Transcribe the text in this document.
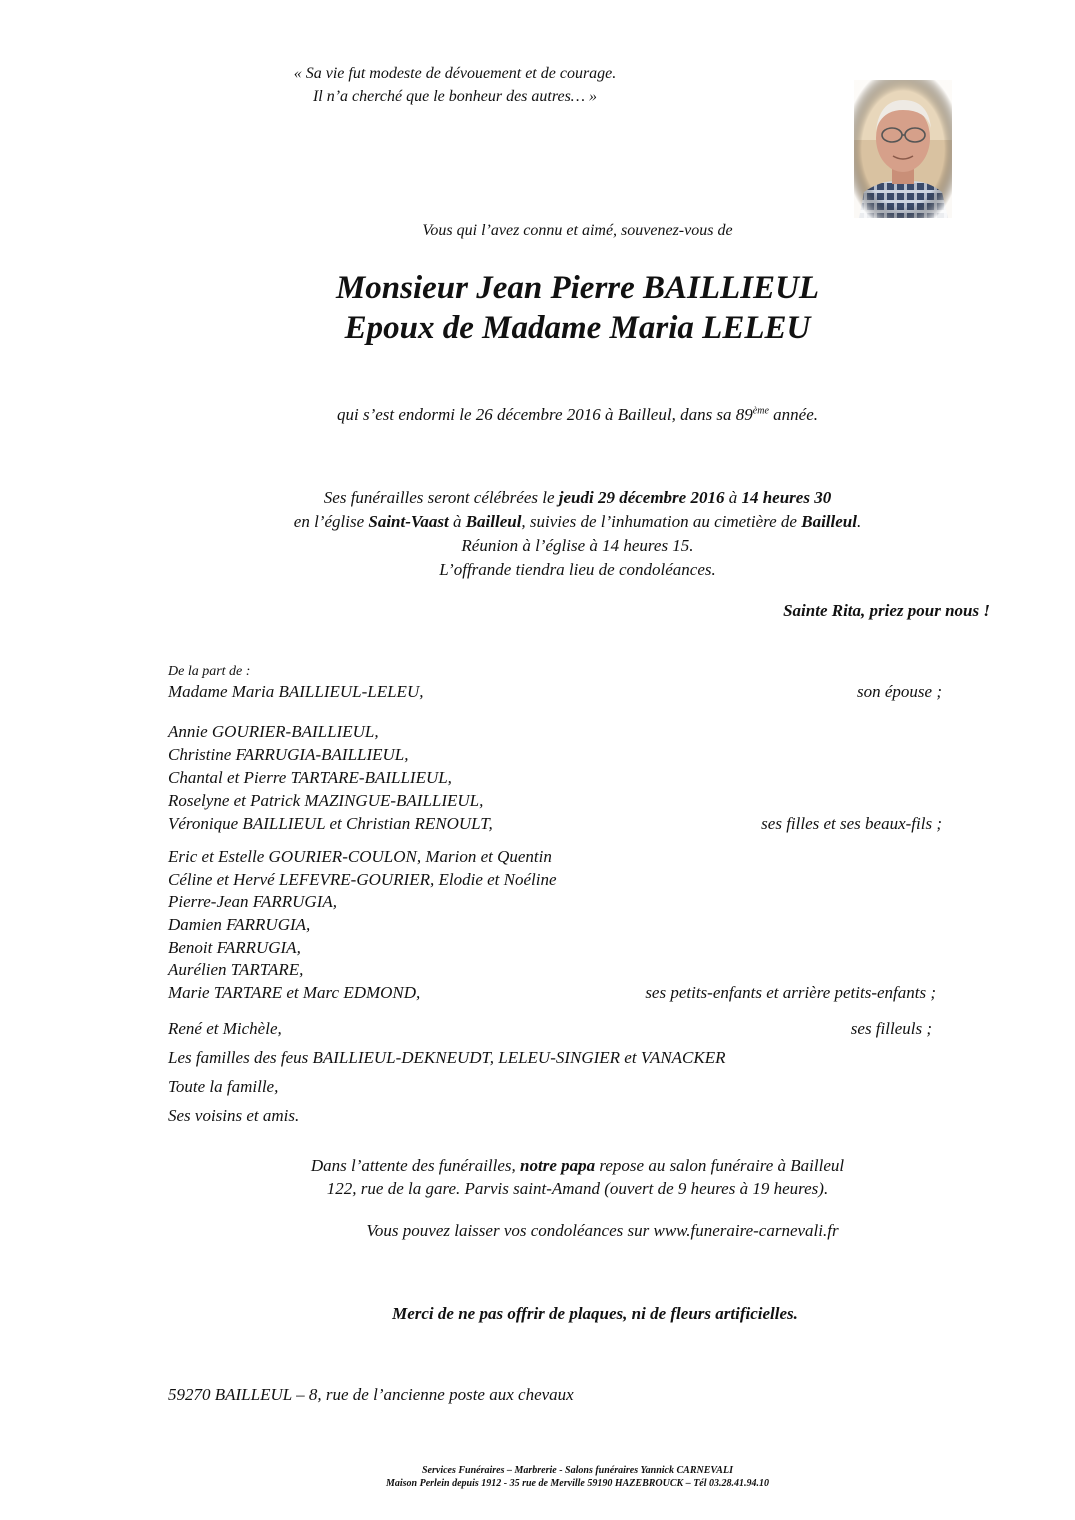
« Sa vie fut modeste de dévouement et de courage.
Il n’a cherché que le bonheur des autres… »
Vous qui l’avez connu et aimé, souvenez-vous de
Monsieur Jean Pierre BAILLIEUL
Epoux de Madame Maria LELEU
qui s’est endormi le 26 décembre 2016 à Bailleul, dans sa 89ème année.
Ses funérailles seront célébrées le jeudi 29 décembre 2016 à 14 heures 30
en l’église Saint-Vaast à Bailleul, suivies de l’inhumation au cimetière de Bailleul.
Réunion à l’église à 14 heures 15.
L’offrande tiendra lieu de condoléances.
Sainte Rita, priez pour nous !
De la part de :
Madame Maria BAILLIEUL-LELEU,	son épouse ;
Annie GOURIER-BAILLIEUL,
Christine FARRUGIA-BAILLIEUL,
Chantal et Pierre TARTARE-BAILLIEUL,
Roselyne et Patrick MAZINGUE-BAILLIEUL,
Véronique BAILLIEUL et Christian RENOULT,	ses filles et ses beaux-fils ;
Eric et Estelle GOURIER-COULON, Marion et Quentin
Céline et Hervé LEFEVRE-GOURIER, Elodie et Noéline
Pierre-Jean FARRUGIA,
Damien FARRUGIA,
Benoit FARRUGIA,
Aurélien TARTARE,
Marie TARTARE et Marc EDMOND,	ses petits-enfants et arrière petits-enfants ;
René et Michèle,	ses filleuls ;
Les familles des feus BAILLIEUL-DEKNEUDT, LELEU-SINGIER et VANACKER
Toute la famille,
Ses voisins et amis.
Dans l’attente des funérailles, notre papa repose au salon funéraire à Bailleul
122, rue de la gare. Parvis saint-Amand (ouvert de 9 heures à 19 heures).
Vous pouvez laisser vos condoléances sur www.funeraire-carnevali.fr
Merci de ne pas offrir de plaques, ni de fleurs artificielles.
59270 BAILLEUL – 8, rue de l’ancienne poste aux chevaux
Services Funéraires – Marbrerie - Salons funéraires Yannick CARNEVALI
Maison Perlein depuis 1912 - 35 rue de Merville 59190 HAZEBROUCK – Tél 03.28.41.94.10
